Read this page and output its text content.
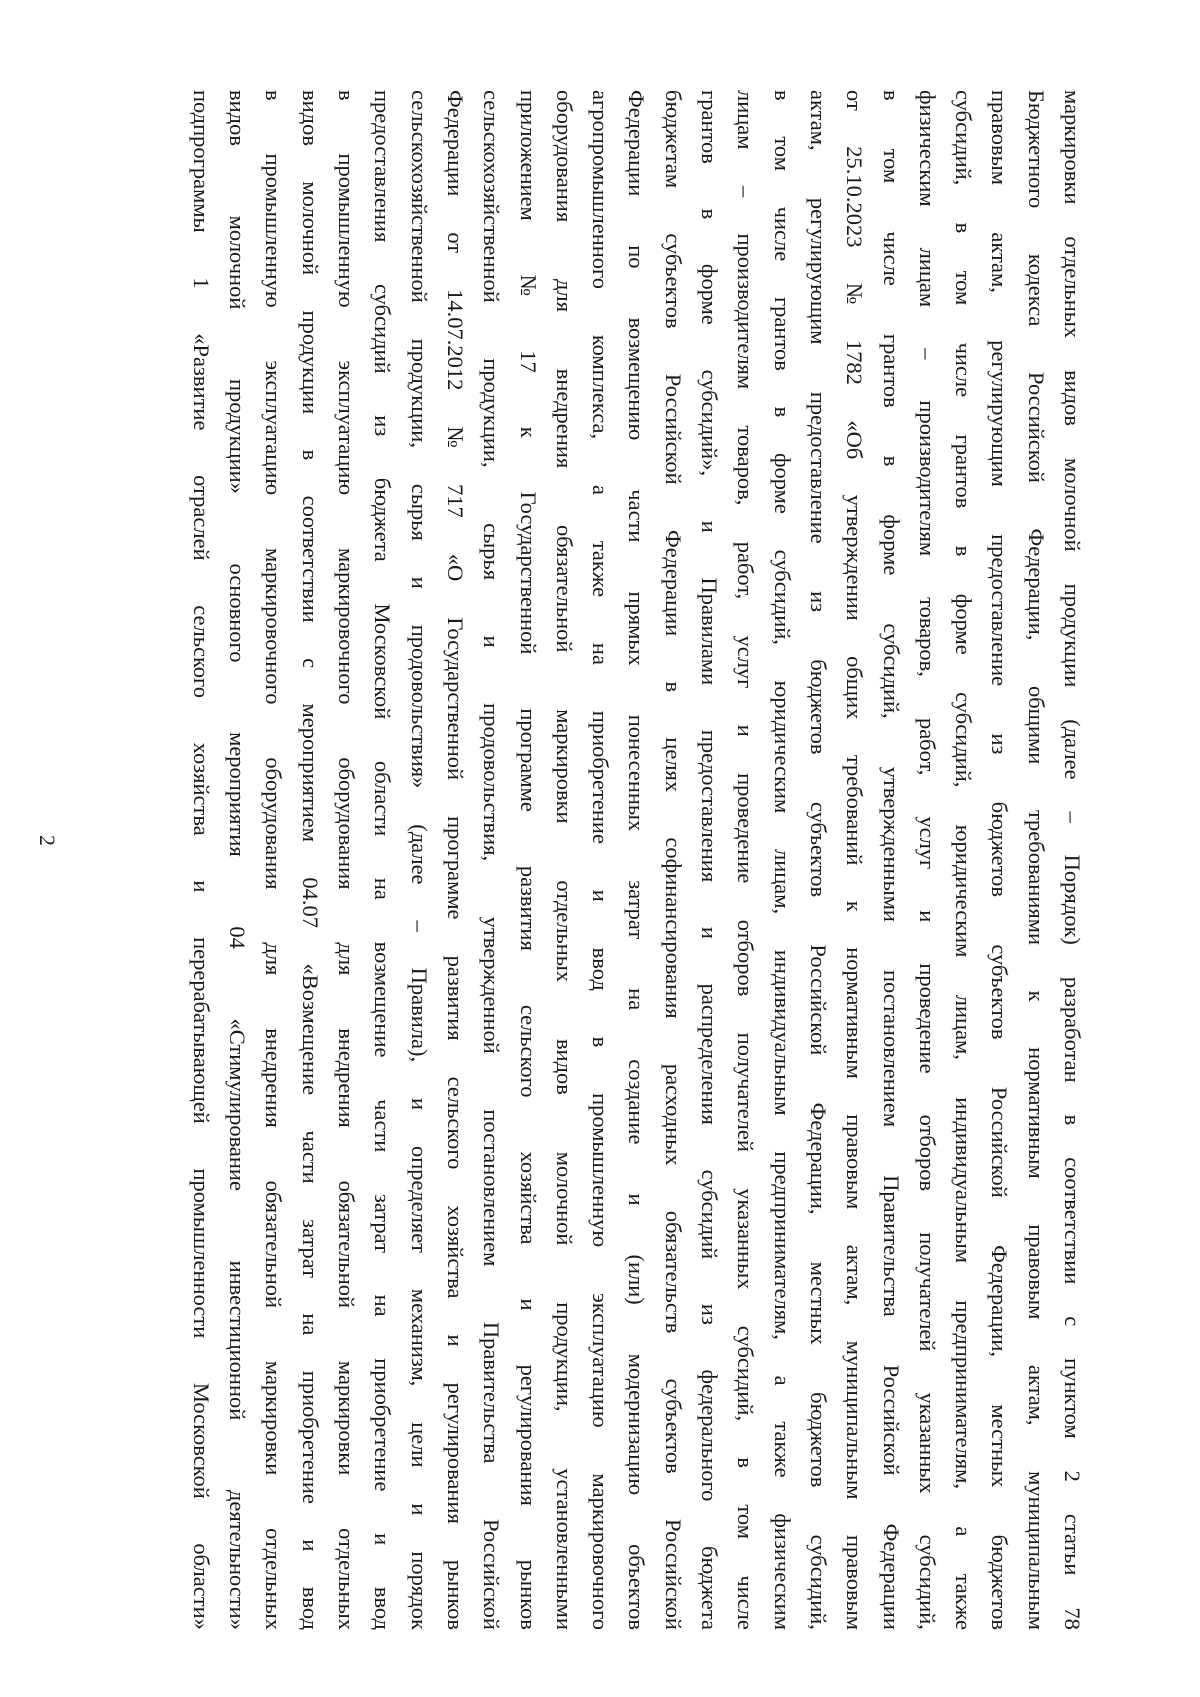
2
маркировки
отдельных
видов
молочной
продукции
(далее
–
Порядок)
разработан
в
соответствии
с
пунктом
2
статьи
78
Бюджетного
кодекса
Российской
Федерации,
общими
требованиями
к
нормативным
правовым
актам,
муниципальным
правовым
актам,
регулирующим
предоставление
из
бюджетов
субъектов
Российской
Федерации,
местных
бюджетов
субсидий,
в
том
числе
грантов
в
форме
субсидий,
юридическим
лицам,
индивидуальным
предпринимателям,
а
также
физическим
лицам
–
производителям
товаров,
работ,
услуг
и
проведение
отборов
получателей
указанных
субсидий,
в
том
числе
грантов
в
форме
субсидий,
утвержденными
постановлением
Правительства
Российской
Федерации
от
25.10.2023
№
1782
«Об
утверждении
общих
требований
к
нормативным
правовым
актам,
муниципальным
правовым
актам,
регулирующим
предоставление
из
бюджетов
субъектов
Российской
Федерации,
местных
бюджетов
субсидий,
в
том
числе
грантов
в
форме
субсидий,
юридическим
лицам,
индивидуальным
предпринимателям,
а
также
физическим
лицам
–
производителям
товаров,
работ,
услуг
и
проведение
отборов
получателей
указанных
субсидий,
в
том
числе
грантов
в
форме
субсидий»,
и
Правилами
предоставления
и
распределения
субсидий
из
федерального
бюджета
бюджетам
субъектов
Российской
Федерации
в
целях
софинансирования
расходных
обязательств
субъектов
Российской
Федерации
по
возмещению
части
прямых
понесенных
затрат
на
создание
и
(или)
модернизацию
объектов
агропромышленного
комплекса,
а
также
на
приобретение
и
ввод
в
промышленную
эксплуатацию
маркировочного
оборудования
для
внедрения
обязательной
маркировки
отдельных
видов
молочной
продукции,
установленными
приложением
№
17
к
Государственной
программе
развития
сельского
хозяйства
и
регулирования
рынков
сельскохозяйственной
продукции,
сырья
и
продовольствия,
утвержденной
постановлением
Правительства
Российской
Федерации
от
14.07.2012
№
717
«О
Государственной
программе
развития
сельского
хозяйства
и
регулирования
рынков
сельскохозяйственной
продукции,
сырья
и
продовольствия»
(далее
–
Правила),
и
определяет
механизм,
цели
и
порядок
предоставления
субсидий
из
бюджета
Московской
области
на
возмещение
части
затрат
на
приобретение
и
ввод
в
промышленную
эксплуатацию
маркировочного
оборудования
для
внедрения
обязательной
маркировки
отдельных
видов
молочной
продукции
в
соответствии
с
мероприятием
04.07
«Возмещение
части
затрат
на
приобретение
и
ввод
в
промышленную
эксплуатацию
маркировочного
оборудования
для
внедрения
обязательной
маркировки
отдельных
видов
молочной
продукции»
основного
мероприятия
04
«Стимулирование
инвестиционной
деятельности»
подпрограммы
1
«Развитие
отраслей
сельского
хозяйства
и
перерабатывающей
промышленности
Московской
области»
